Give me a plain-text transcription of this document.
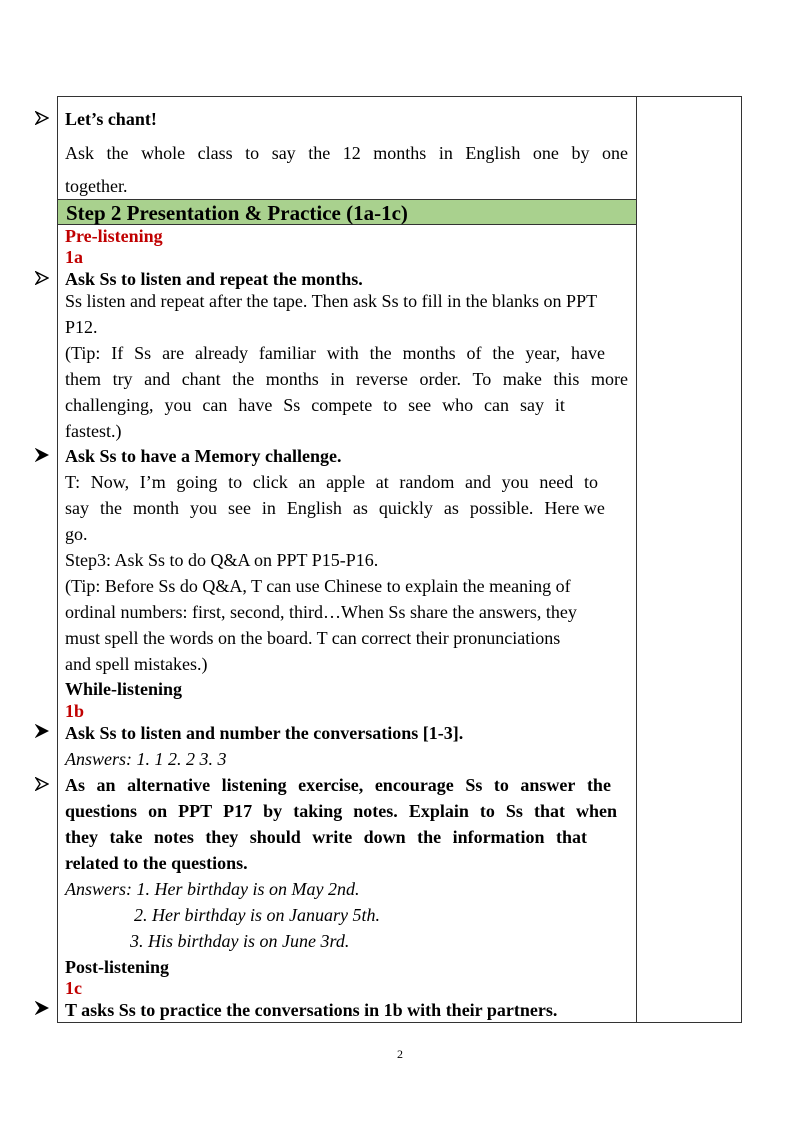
Step 2 Presentation & Practice (1a-1c)
Let’s chant!
Ask the whole class to say the 12 months in English one by one
together.
Pre-listening
1a
Ask Ss to listen and repeat the months.
Ss listen and repeat after the tape. Then ask Ss to fill in the blanks on PPT
P12.
(Tip: If Ss are already familiar with the months of the year, have
them try and chant the months in reverse order. To make this more
challenging, you can have Ss compete to see who can say it
fastest.)
Ask Ss to have a Memory challenge.
T: Now, I’m going to click an apple at random and you need to
say the month you see in English as quickly as possible. Here we
go.
Step3: Ask Ss to do Q&A on PPT P15-P16.
(Tip: Before Ss do Q&A, T can use Chinese to explain the meaning of
ordinal numbers: first, second, third…When Ss share the answers, they
must spell the words on the board. T can correct their pronunciations
and spell mistakes.)
While-listening
1b
Ask Ss to listen and number the conversations [1-3].
Answers: 1. 1 2. 2 3. 3
As an alternative listening exercise, encourage Ss to answer the
questions on PPT P17 by taking notes. Explain to Ss that when
they take notes they should write down the information that
related to the questions.
Answers: 1. Her birthday is on May 2nd.
2. Her birthday is on January 5th.
3. His birthday is on June 3rd.
Post-listening
1c
T asks Ss to practice the conversations in 1b with their partners.
2
